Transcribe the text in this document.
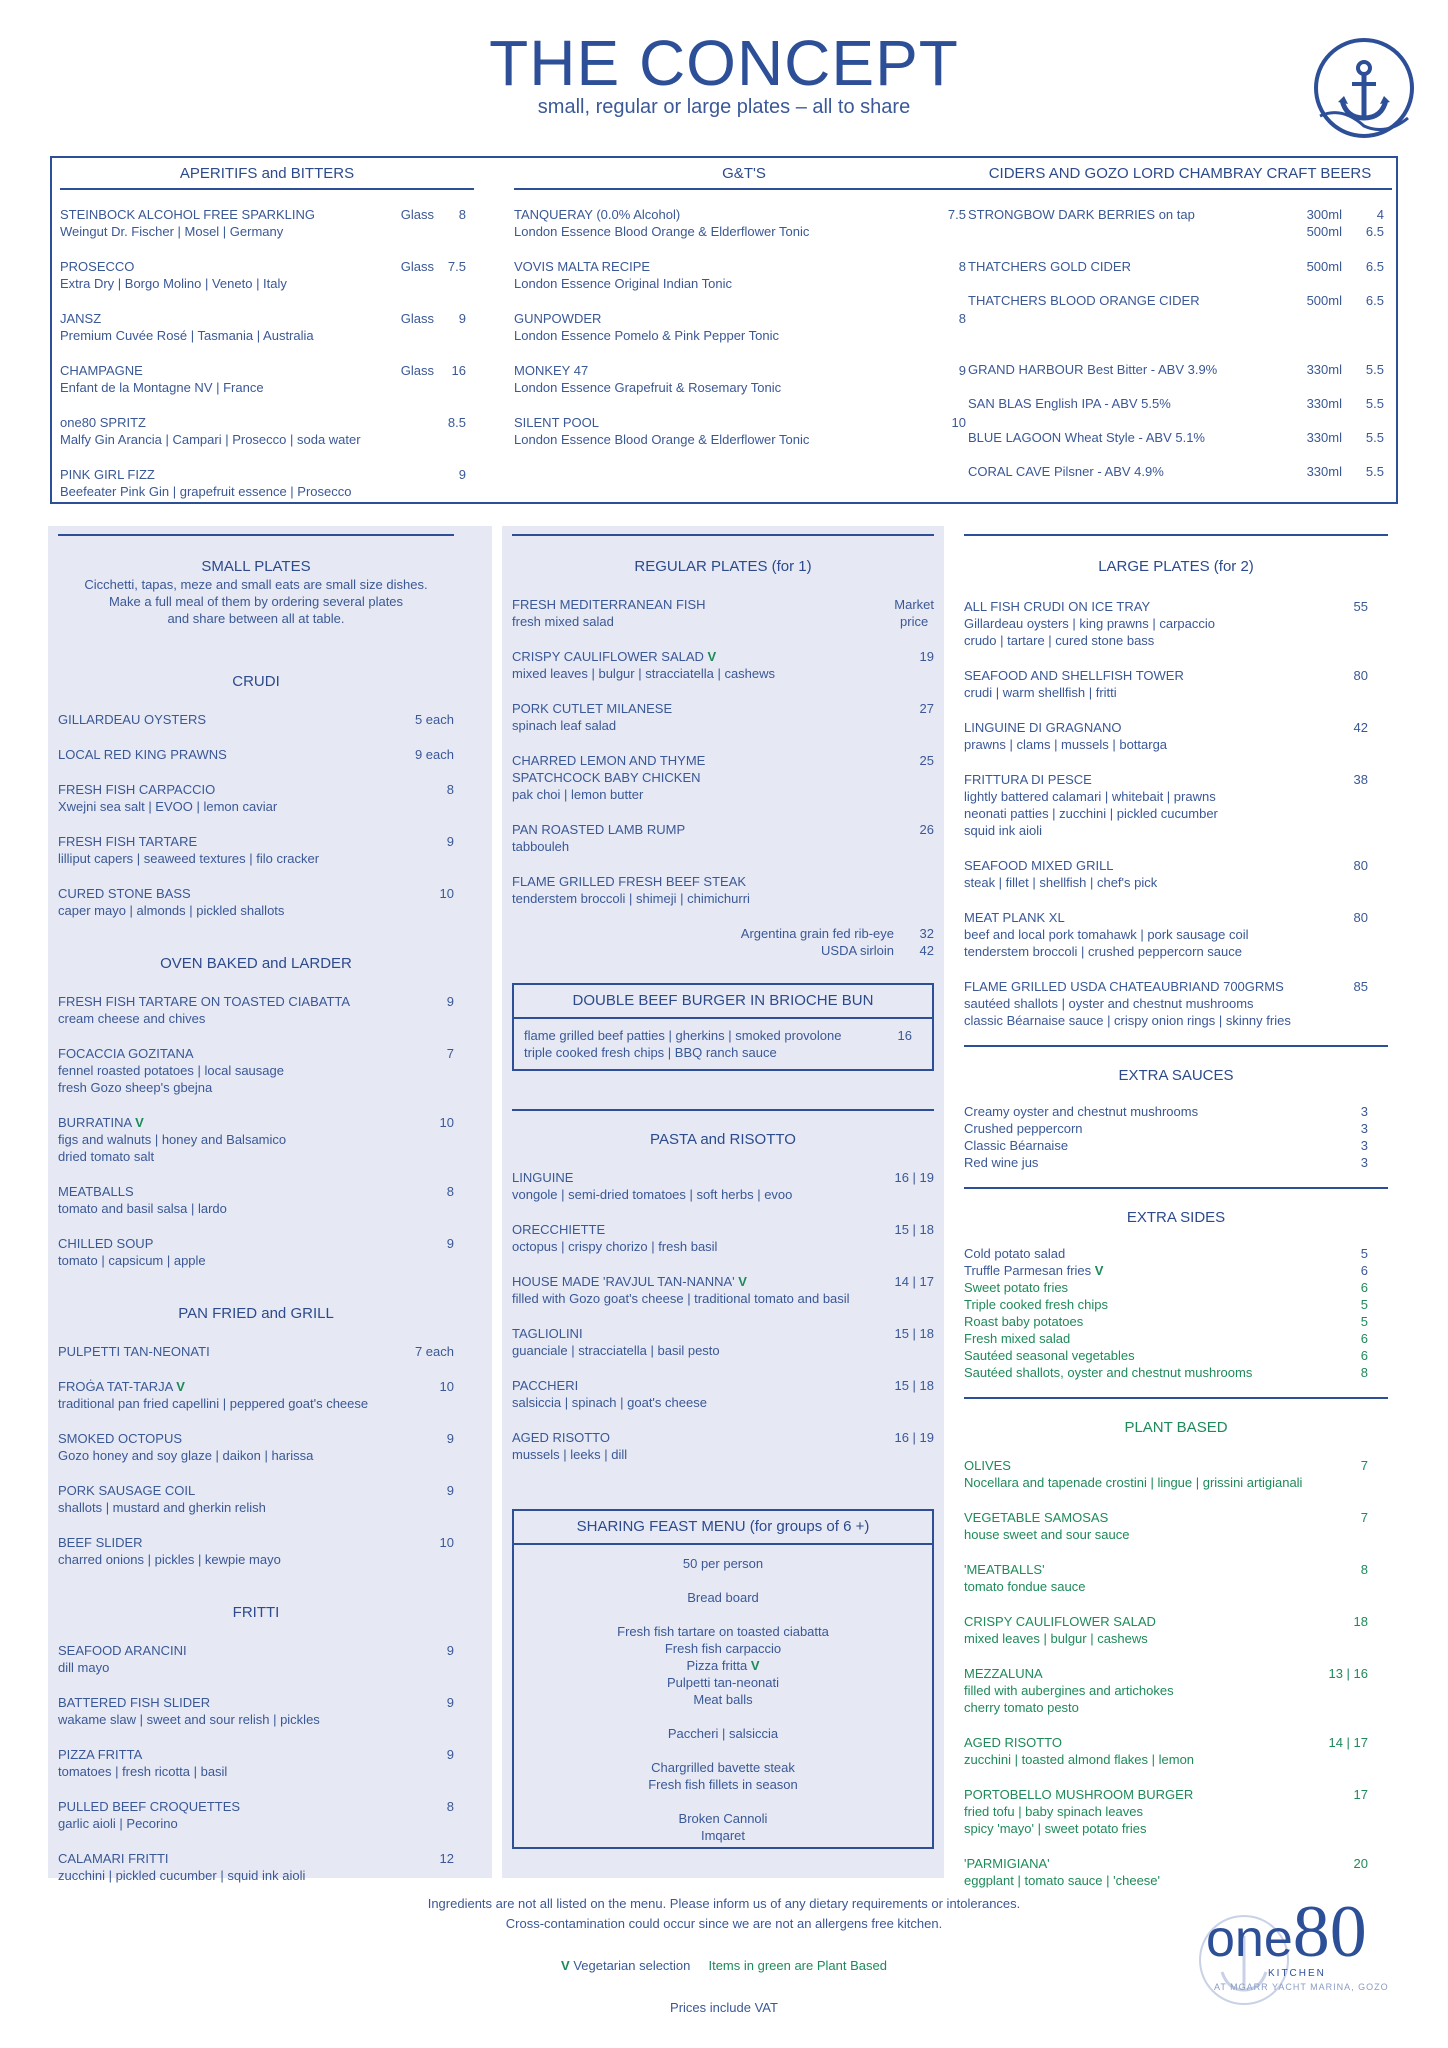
THE CONCEPT
small, regular or large plates – all to share
APERITIFS and BITTERS
STEINBOCK ALCOHOL FREE SPARKLING
Weingut Dr. Fischer | Mosel | Germany
Glass	8
PROSECCO
Extra Dry | Borgo Molino | Veneto | Italy
Glass	7.5
JANSZ
Premium Cuvée Rosé | Tasmania | Australia
Glass	9
CHAMPAGNE
Enfant de la Montagne NV | France
Glass	16
one80 SPRITZ
Malfy Gin Arancia | Campari | Prosecco | soda water
8.5
PINK GIRL FIZZ
Beefeater Pink Gin | grapefruit essence | Prosecco
9
G&T'S
TANQUERAY (0.0% Alcohol)
London Essence Blood Orange & Elderflower Tonic
7.5
VOVIS MALTA RECIPE
London Essence Original Indian Tonic
8
GUNPOWDER
London Essence Pomelo & Pink Pepper Tonic
8
MONKEY 47
London Essence Grapefruit & Rosemary Tonic
9
SILENT POOL
London Essence Blood Orange & Elderflower Tonic
10
CIDERS AND GOZO LORD CHAMBRAY CRAFT BEERS
STRONGBOW DARK BERRIES on tap	300ml	4
500ml	6.5
THATCHERS GOLD CIDER	500ml	6.5
THATCHERS BLOOD ORANGE CIDER	500ml	6.5
GRAND HARBOUR Best Bitter - ABV 3.9%	330ml	5.5
SAN BLAS English IPA - ABV 5.5%	330ml	5.5
BLUE LAGOON Wheat Style - ABV 5.1%	330ml	5.5
CORAL CAVE Pilsner - ABV 4.9%	330ml	5.5
SMALL PLATES
Cicchetti, tapas, meze and small eats are small size dishes.
Make a full meal of them by ordering several plates
and share between all at table.
CRUDI
GILLARDEAU OYSTERS	5 each
LOCAL RED KING PRAWNS	9 each
FRESH FISH CARPACCIO
Xwejni sea salt | EVOO | lemon caviar
8
FRESH FISH TARTARE
lilliput capers | seaweed textures | filo cracker
9
CURED STONE BASS
caper mayo | almonds | pickled shallots
10
OVEN BAKED and LARDER
FRESH FISH TARTARE ON TOASTED CIABATTA
cream cheese and chives
9
FOCACCIA GOZITANA
fennel roasted potatoes | local sausage
fresh Gozo sheep's gbejna
7
BURRATINA V
figs and walnuts | honey and Balsamico
dried tomato salt
10
MEATBALLS
tomato and basil salsa | lardo
8
CHILLED SOUP
tomato | capsicum | apple
9
PAN FRIED and GRILL
PULPETTI TAN-NEONATI	7 each
FROĠA TAT-TARJA V
traditional pan fried capellini | peppered goat's cheese
10
SMOKED OCTOPUS
Gozo honey and soy glaze | daikon | harissa
9
PORK SAUSAGE COIL
shallots | mustard and gherkin relish
9
BEEF SLIDER
charred onions | pickles | kewpie mayo
10
FRITTI
SEAFOOD ARANCINI
dill mayo
9
BATTERED FISH SLIDER
wakame slaw | sweet and sour relish | pickles
9
PIZZA FRITTA
tomatoes | fresh ricotta | basil
9
PULLED BEEF CROQUETTES
garlic aioli | Pecorino
8
CALAMARI FRITTI
zucchini | pickled cucumber | squid ink aioli
12
REGULAR PLATES (for 1)
FRESH MEDITERRANEAN FISH
fresh mixed salad
Market
price
CRISPY CAULIFLOWER SALAD V
mixed leaves | bulgur | stracciatella | cashews
19
PORK CUTLET MILANESE
spinach leaf salad
27
CHARRED LEMON AND THYME
SPATCHCOCK BABY CHICKEN
pak choi | lemon butter
25
PAN ROASTED LAMB RUMP
tabbouleh
26
FLAME GRILLED FRESH BEEF STEAK
tenderstem broccoli | shimeji | chimichurri
Argentina grain fed rib-eye 32
USDA sirloin 42
DOUBLE BEEF BURGER IN BRIOCHE BUN
flame grilled beef patties | gherkins | smoked provolone
triple cooked fresh chips | BBQ ranch sauce
16
PASTA and RISOTTO
LINGUINE
vongole | semi-dried tomatoes | soft herbs | evoo
16 | 19
ORECCHIETTE
octopus | crispy chorizo | fresh basil
15 | 18
HOUSE MADE 'RAVJUL TAN-NANNA' V
filled with Gozo goat's cheese | traditional tomato and basil
14 | 17
TAGLIOLINI
guanciale | stracciatella | basil pesto
15 | 18
PACCHERI
salsiccia | spinach | goat's cheese
15 | 18
AGED RISOTTO
mussels | leeks | dill
16 | 19
SHARING FEAST MENU (for groups of 6 +)
50 per person
Bread board
Fresh fish tartare on toasted ciabatta
Fresh fish carpaccio
Pizza fritta V
Pulpetti tan-neonati
Meat balls
Paccheri | salsiccia
Chargrilled bavette steak
Fresh fish fillets in season
Broken Cannoli
Imqaret
LARGE PLATES (for 2)
ALL FISH CRUDI ON ICE TRAY
Gillardeau oysters | king prawns | carpaccio
crudo | tartare | cured stone bass
55
SEAFOOD AND SHELLFISH TOWER
crudi | warm shellfish | fritti
80
LINGUINE DI GRAGNANO
prawns | clams | mussels | bottarga
42
FRITTURA DI PESCE
lightly battered calamari | whitebait | prawns
neonati patties | zucchini | pickled cucumber
squid ink aioli
38
SEAFOOD MIXED GRILL
steak | fillet | shellfish | chef's pick
80
MEAT PLANK XL
beef and local pork tomahawk | pork sausage coil
tenderstem broccoli | crushed peppercorn sauce
80
FLAME GRILLED USDA CHATEAUBRIAND 700GRMS
sautéed shallots | oyster and chestnut mushrooms
classic Béarnaise sauce | crispy onion rings | skinny fries
85
EXTRA SAUCES
Creamy oyster and chestnut mushrooms	3
Crushed peppercorn	3
Classic Béarnaise	3
Red wine jus	3
EXTRA SIDES
Cold potato salad	5
Truffle Parmesan fries V	6
Sweet potato fries	6
Triple cooked fresh chips	5
Roast baby potatoes	5
Fresh mixed salad	6
Sautéed seasonal vegetables	6
Sautéed shallots, oyster and chestnut mushrooms	8
PLANT BASED
OLIVES
Nocellara and tapenade crostini | lingue | grissini artigianali
7
VEGETABLE SAMOSAS
house sweet and sour sauce
7
'MEATBALLS'
tomato fondue sauce
8
CRISPY CAULIFLOWER SALAD
mixed leaves | bulgur | cashews
18
MEZZALUNA
filled with aubergines and artichokes
cherry tomato pesto
13 | 16
AGED RISOTTO
zucchini | toasted almond flakes | lemon
14 | 17
PORTOBELLO MUSHROOM BURGER
fried tofu | baby spinach leaves
spicy 'mayo' | sweet potato fries
17
'PARMIGIANA'
eggplant | tomato sauce | 'cheese'
20
Ingredients are not all listed on the menu. Please inform us of any dietary requirements or intolerances.
Cross-contamination could occur since we are not an allergens free kitchen.
V Vegetarian selection Items in green are Plant Based
Prices include VAT
one80
KITCHEN
AT MGARR YACHT MARINA, GOZO
